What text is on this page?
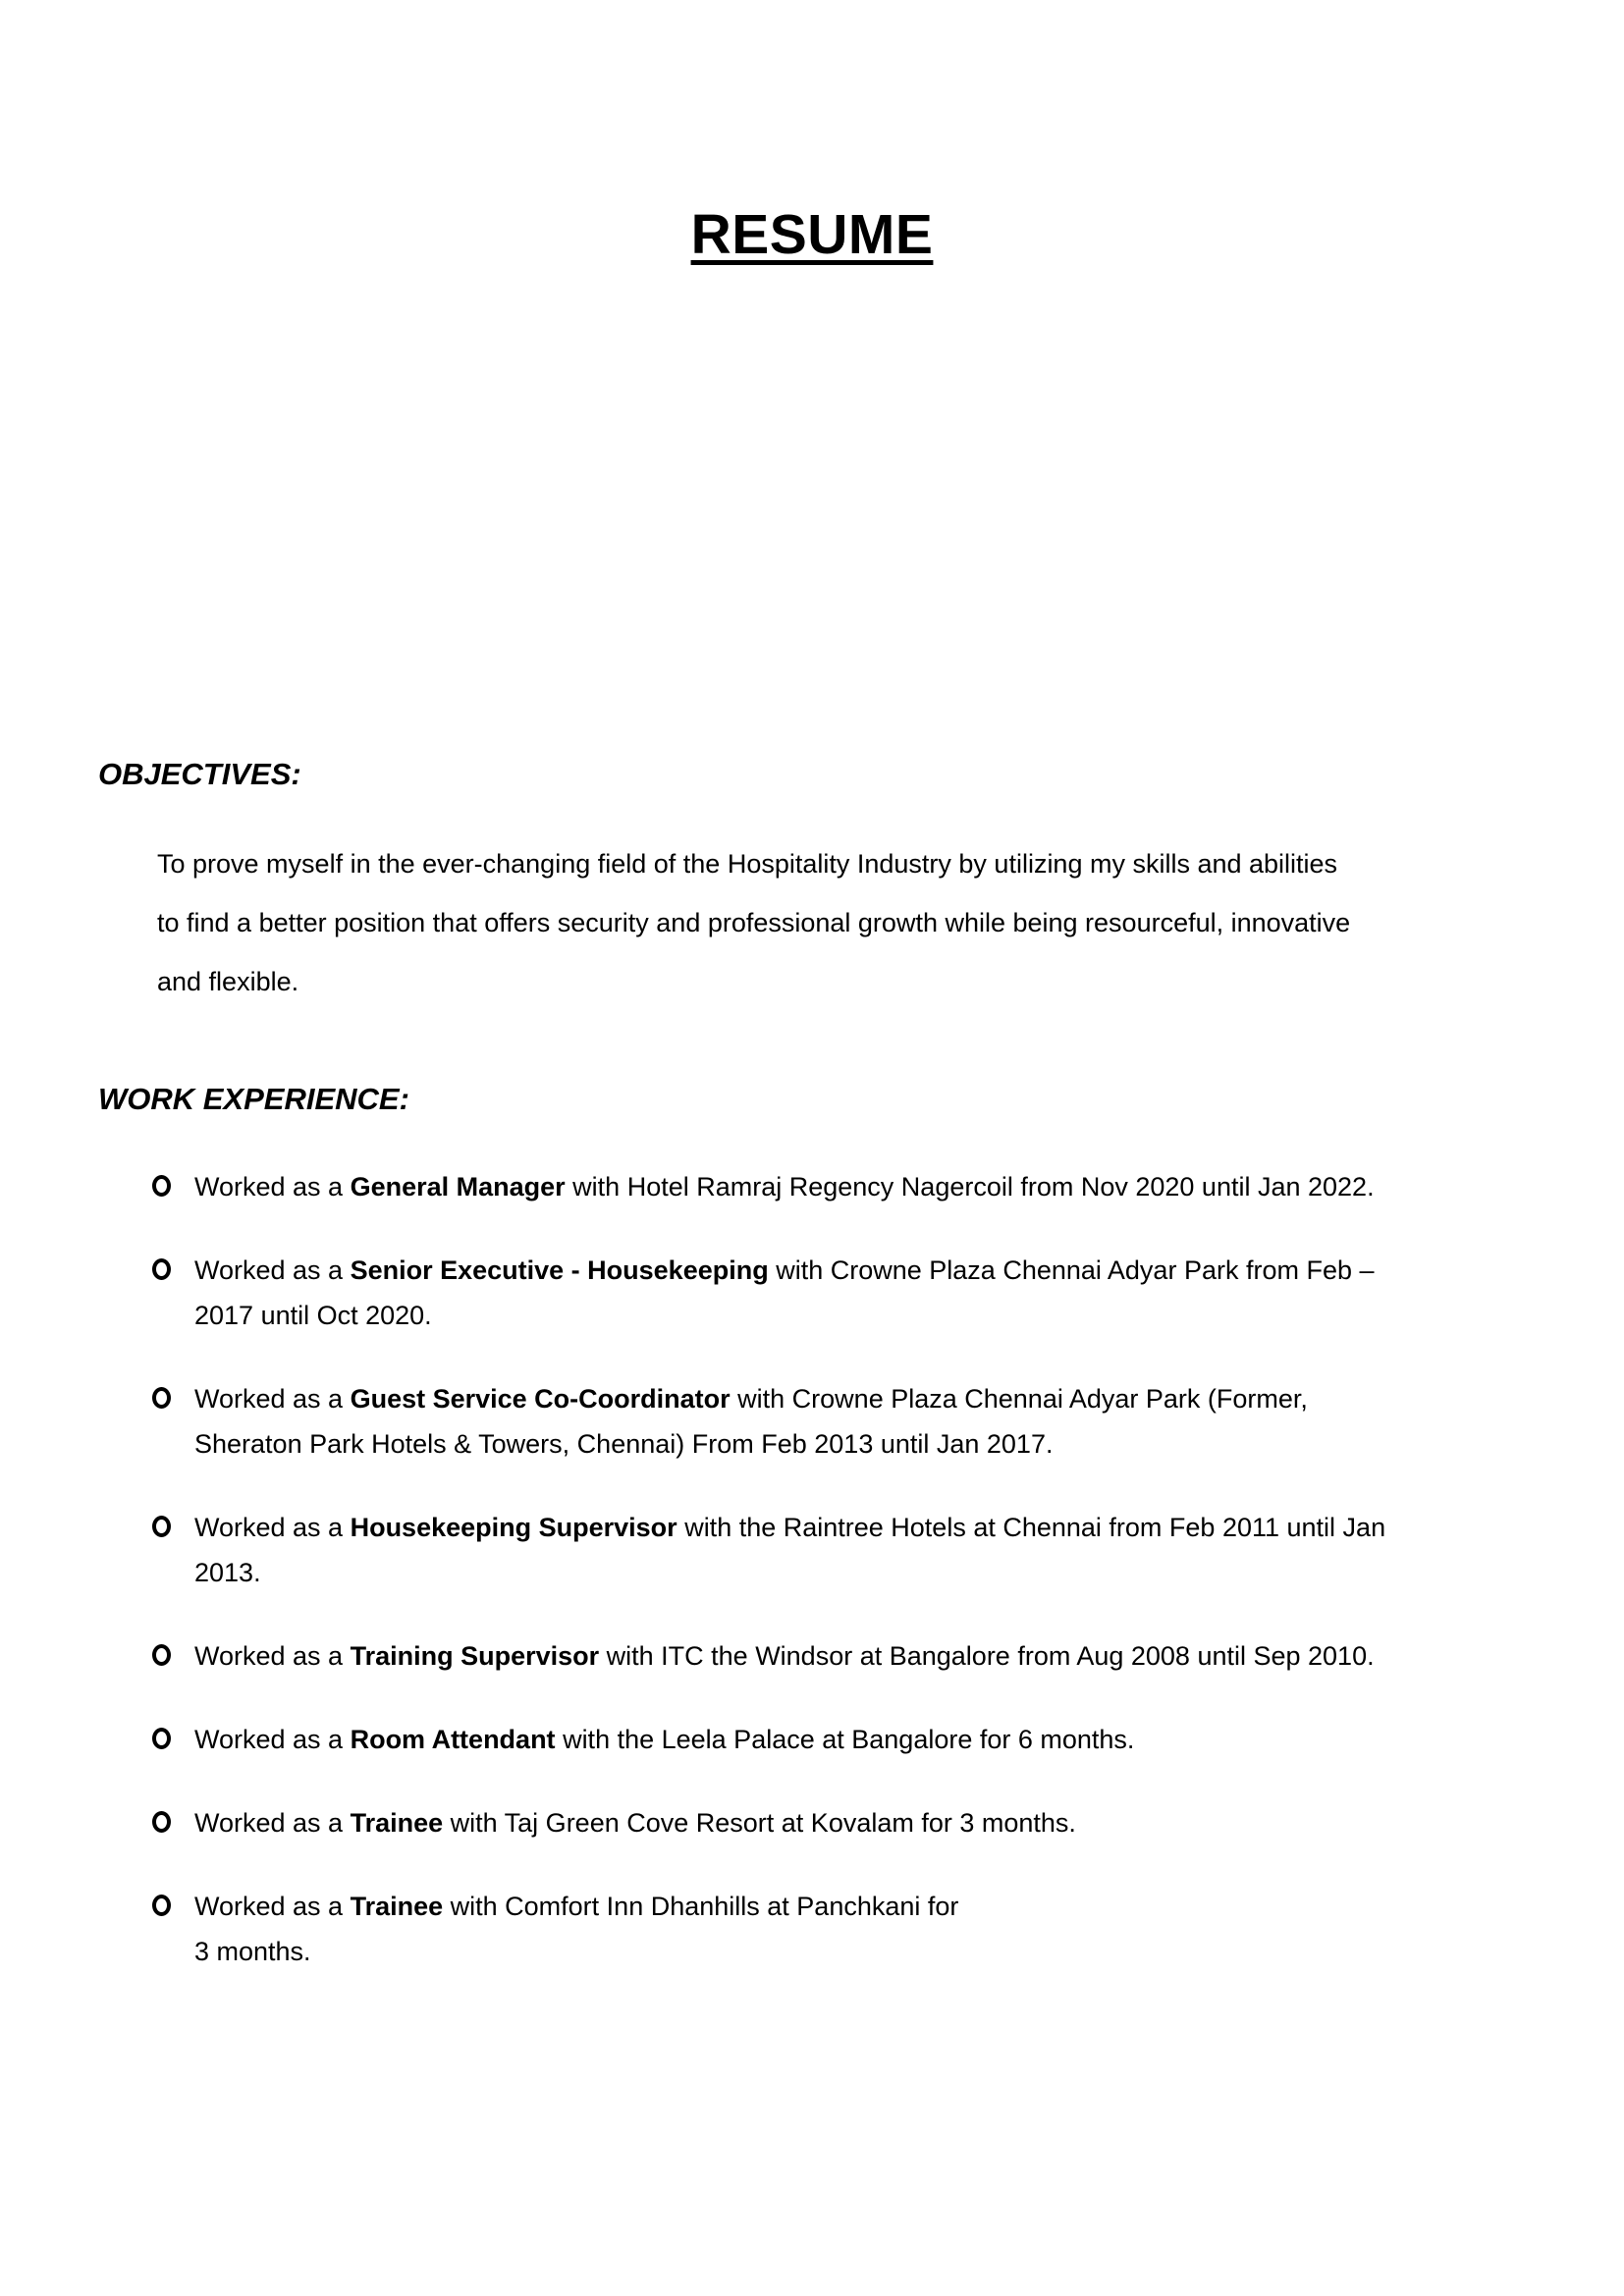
RESUME
OBJECTIVES:
To prove myself in the ever-changing field of the Hospitality Industry by utilizing my skills and abilities
to find a better position that offers security and professional growth while being resourceful, innovative
and flexible.
WORK EXPERIENCE:
Worked as a General Manager with Hotel Ramraj Regency Nagercoil from Nov 2020 until Jan 2022.
Worked as a Senior Executive - Housekeeping with Crowne Plaza Chennai Adyar Park from Feb –
2017 until Oct 2020.
Worked as a Guest Service Co-Coordinator with Crowne Plaza Chennai Adyar Park (Former,
Sheraton Park Hotels & Towers, Chennai) From Feb 2013 until Jan 2017.
Worked as a Housekeeping Supervisor with the Raintree Hotels at Chennai from Feb 2011 until Jan
2013.
Worked as a Training Supervisor with ITC the Windsor at Bangalore from Aug 2008 until Sep 2010.
Worked as a Room Attendant with the Leela Palace at Bangalore for 6 months.
Worked as a Trainee with Taj Green Cove Resort at Kovalam for 3 months.
Worked as a Trainee with Comfort Inn Dhanhills at Panchkani for
3 months.
